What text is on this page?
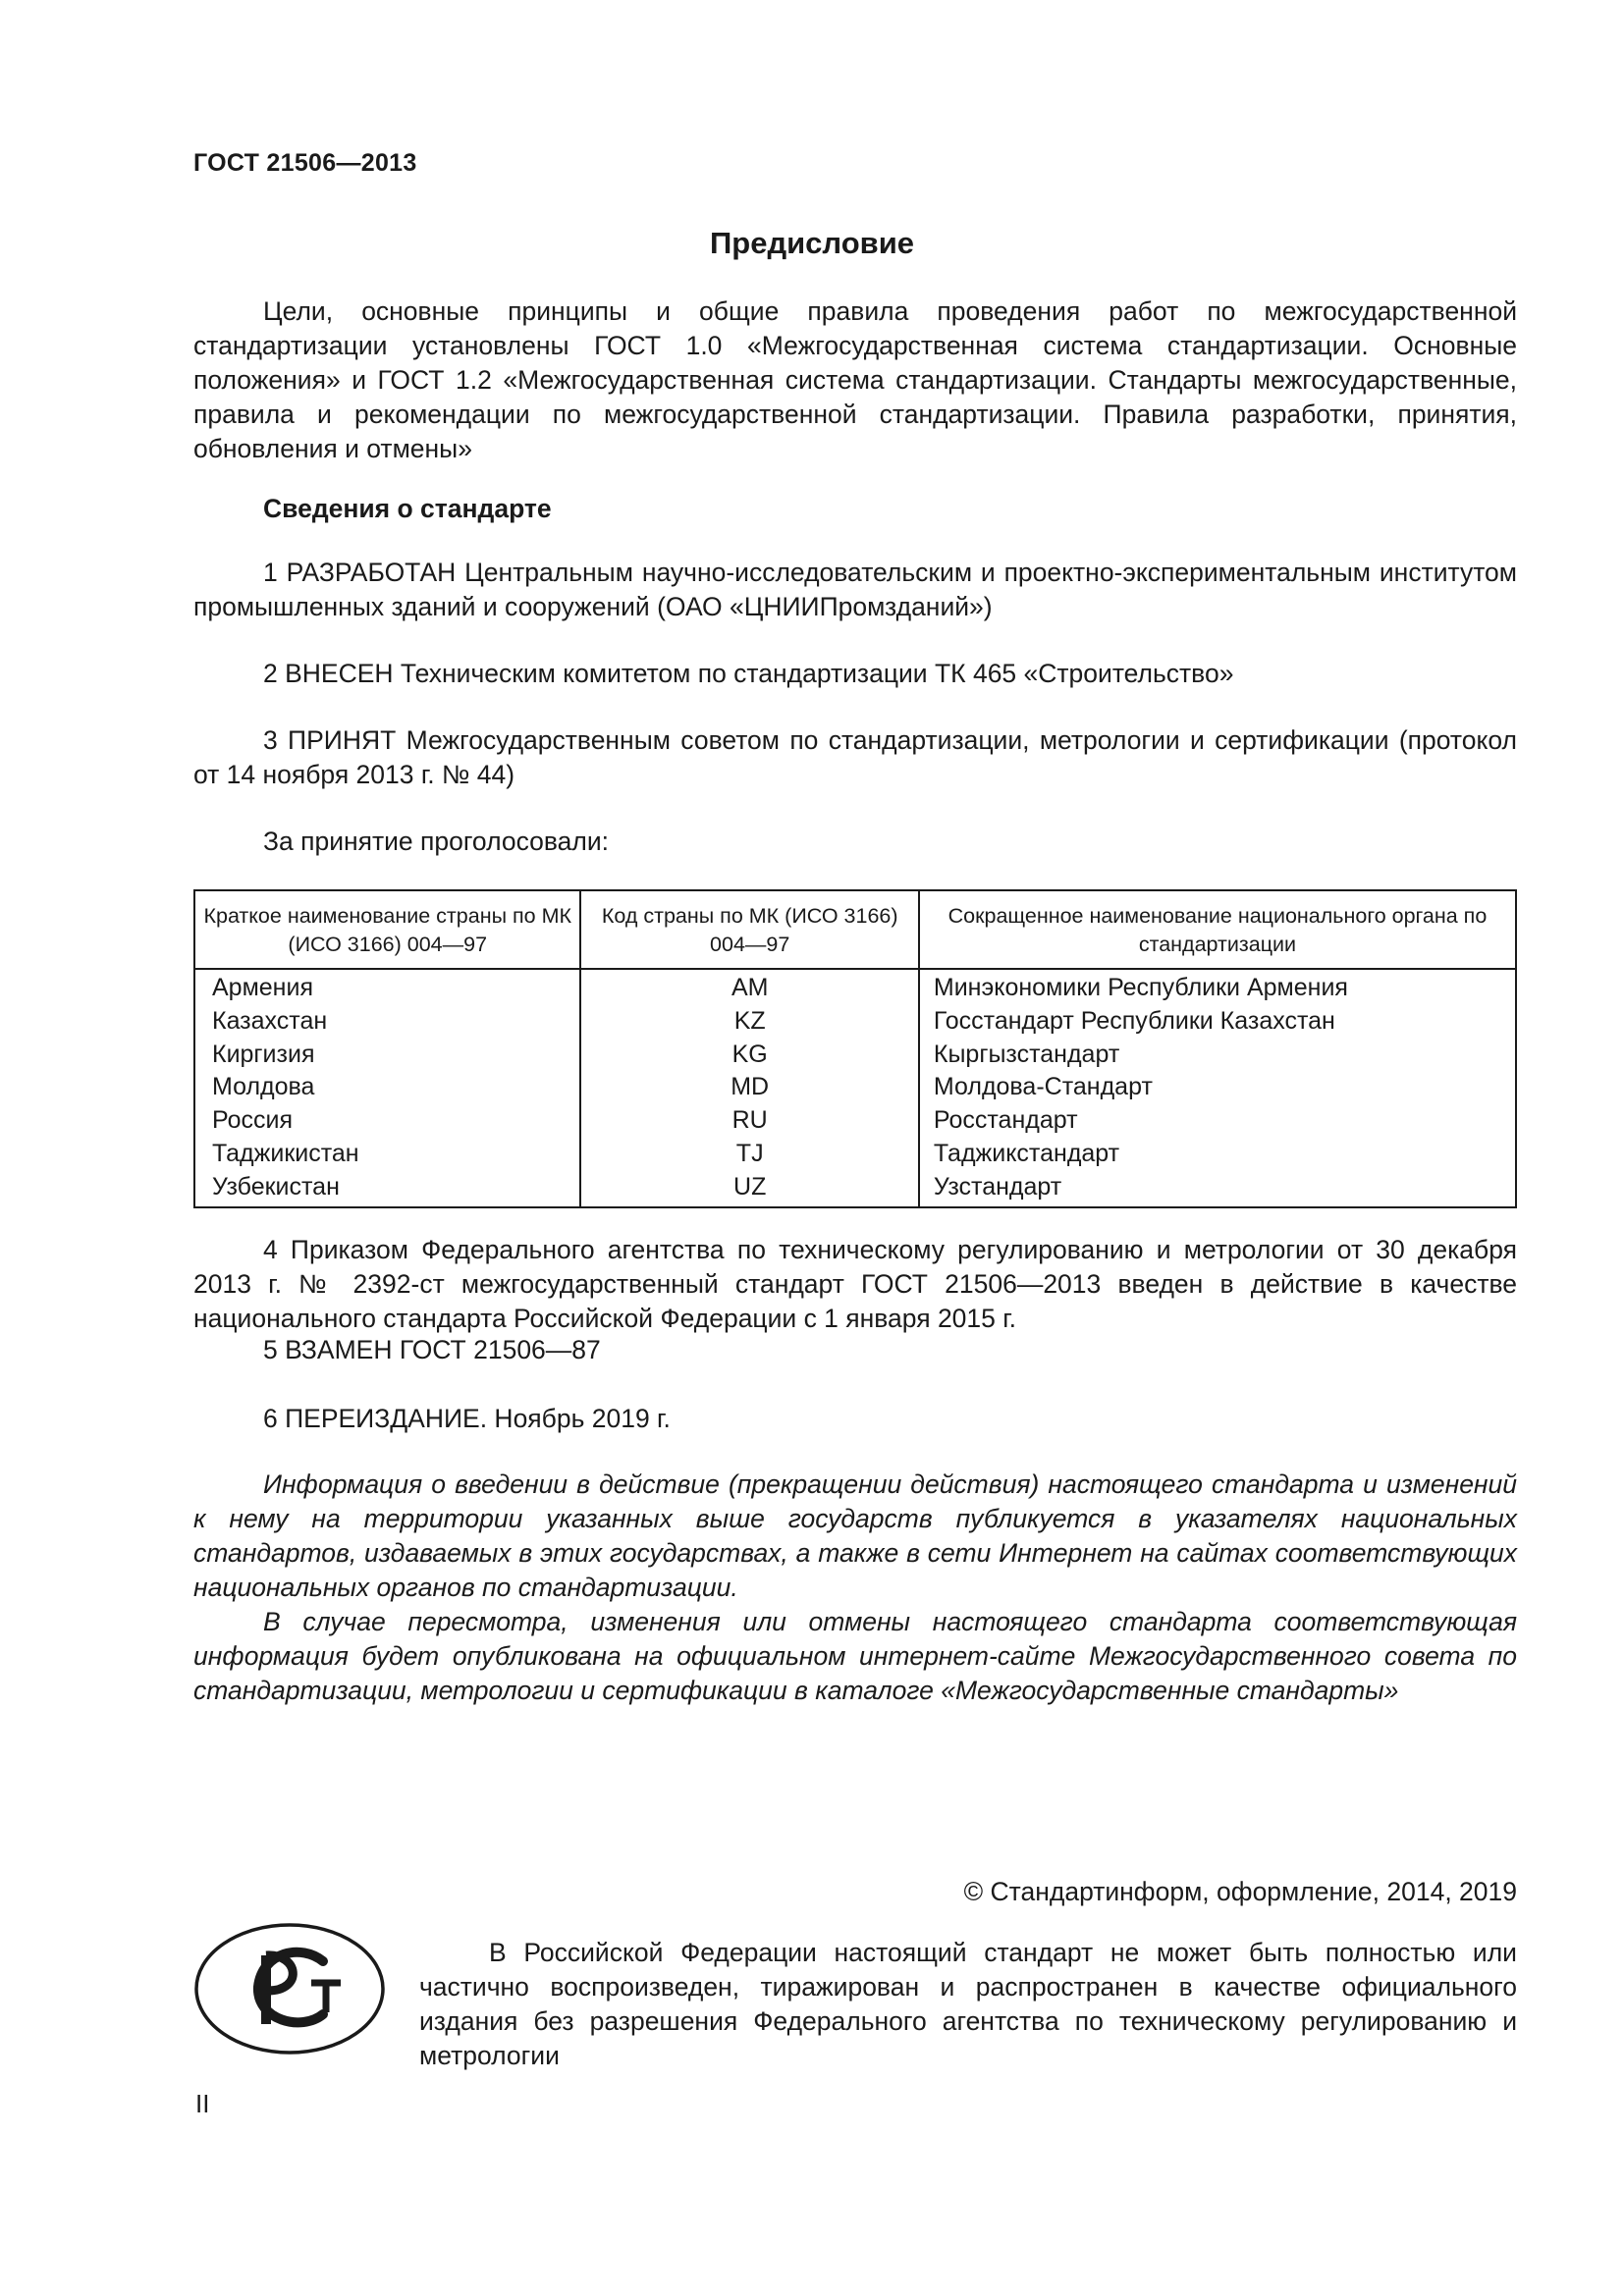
ГОСТ 21506—2013
Предисловие

Цели, основные принципы и общие правила проведения работ по межгосударственной стандартизации установлены ГОСТ 1.0 «Межгосударственная система стандартизации. Основные положения» и ГОСТ 1.2 «Межгосударственная система стандартизации. Стандарты межгосударственные, правила и рекомендации по межгосударственной стандартизации. Правила разработки, принятия, обновления и отмены»

Сведения о стандарте

1 РАЗРАБОТАН Центральным научно-исследовательским и проектно-экспериментальным институтом промышленных зданий и сооружений (ОАО «ЦНИИПромзданий»)

2 ВНЕСЕН Техническим комитетом по стандартизации ТК 465 «Строительство»

3 ПРИНЯТ Межгосударственным советом по стандартизации, метрологии и сертификации (протокол от 14 ноября 2013 г. № 44)

За принятие проголосовали:
Краткое наименование страны по МК (ИСО 3166) 004—97	Код страны по МК (ИСО 3166) 004—97	Сокращенное наименование национального органа по стандартизации
Армения	AM	Минэкономики Республики Армения
Казахстан	KZ	Госстандарт Республики Казахстан
Киргизия	KG	Кыргызстандарт
Молдова	MD	Молдова-Стандарт
Россия	RU	Росстандарт
Таджикистан	TJ	Таджикстандарт
Узбекистан	UZ	Узстандарт

4 Приказом Федерального агентства по техническому регулированию и метрологии от 30 декабря 2013 г. № 2392-ст межгосударственный стандарт ГОСТ 21506—2013 введен в действие в качестве национального стандарта Российской Федерации с 1 января 2015 г.

5 ВЗАМЕН ГОСТ 21506—87
6 ПЕРЕИЗДАНИЕ. Ноябрь 2019 г.

Информация о введении в действие (прекращении действия) настоящего стандарта и изменений к нему на территории указанных выше государств публикуется в указателях национальных стандартов, издаваемых в этих государствах, а также в сети Интернет на сайтах соответствующих национальных органов по стандартизации.

В случае пересмотра, изменения или отмены настоящего стандарта соответствующая информация будет опубликована на официальном интернет-сайте Межгосударственного совета по стандартизации, метрологии и сертификации в каталоге «Межгосударственные стандарты»

© Стандартинформ, оформление, 2014, 2019

В Российской Федерации настоящий стандарт не может быть полностью или частично воспроизведен, тиражирован и распространен в качестве официального издания без разрешения Федерального агентства по техническому регулированию и метрологии

II
